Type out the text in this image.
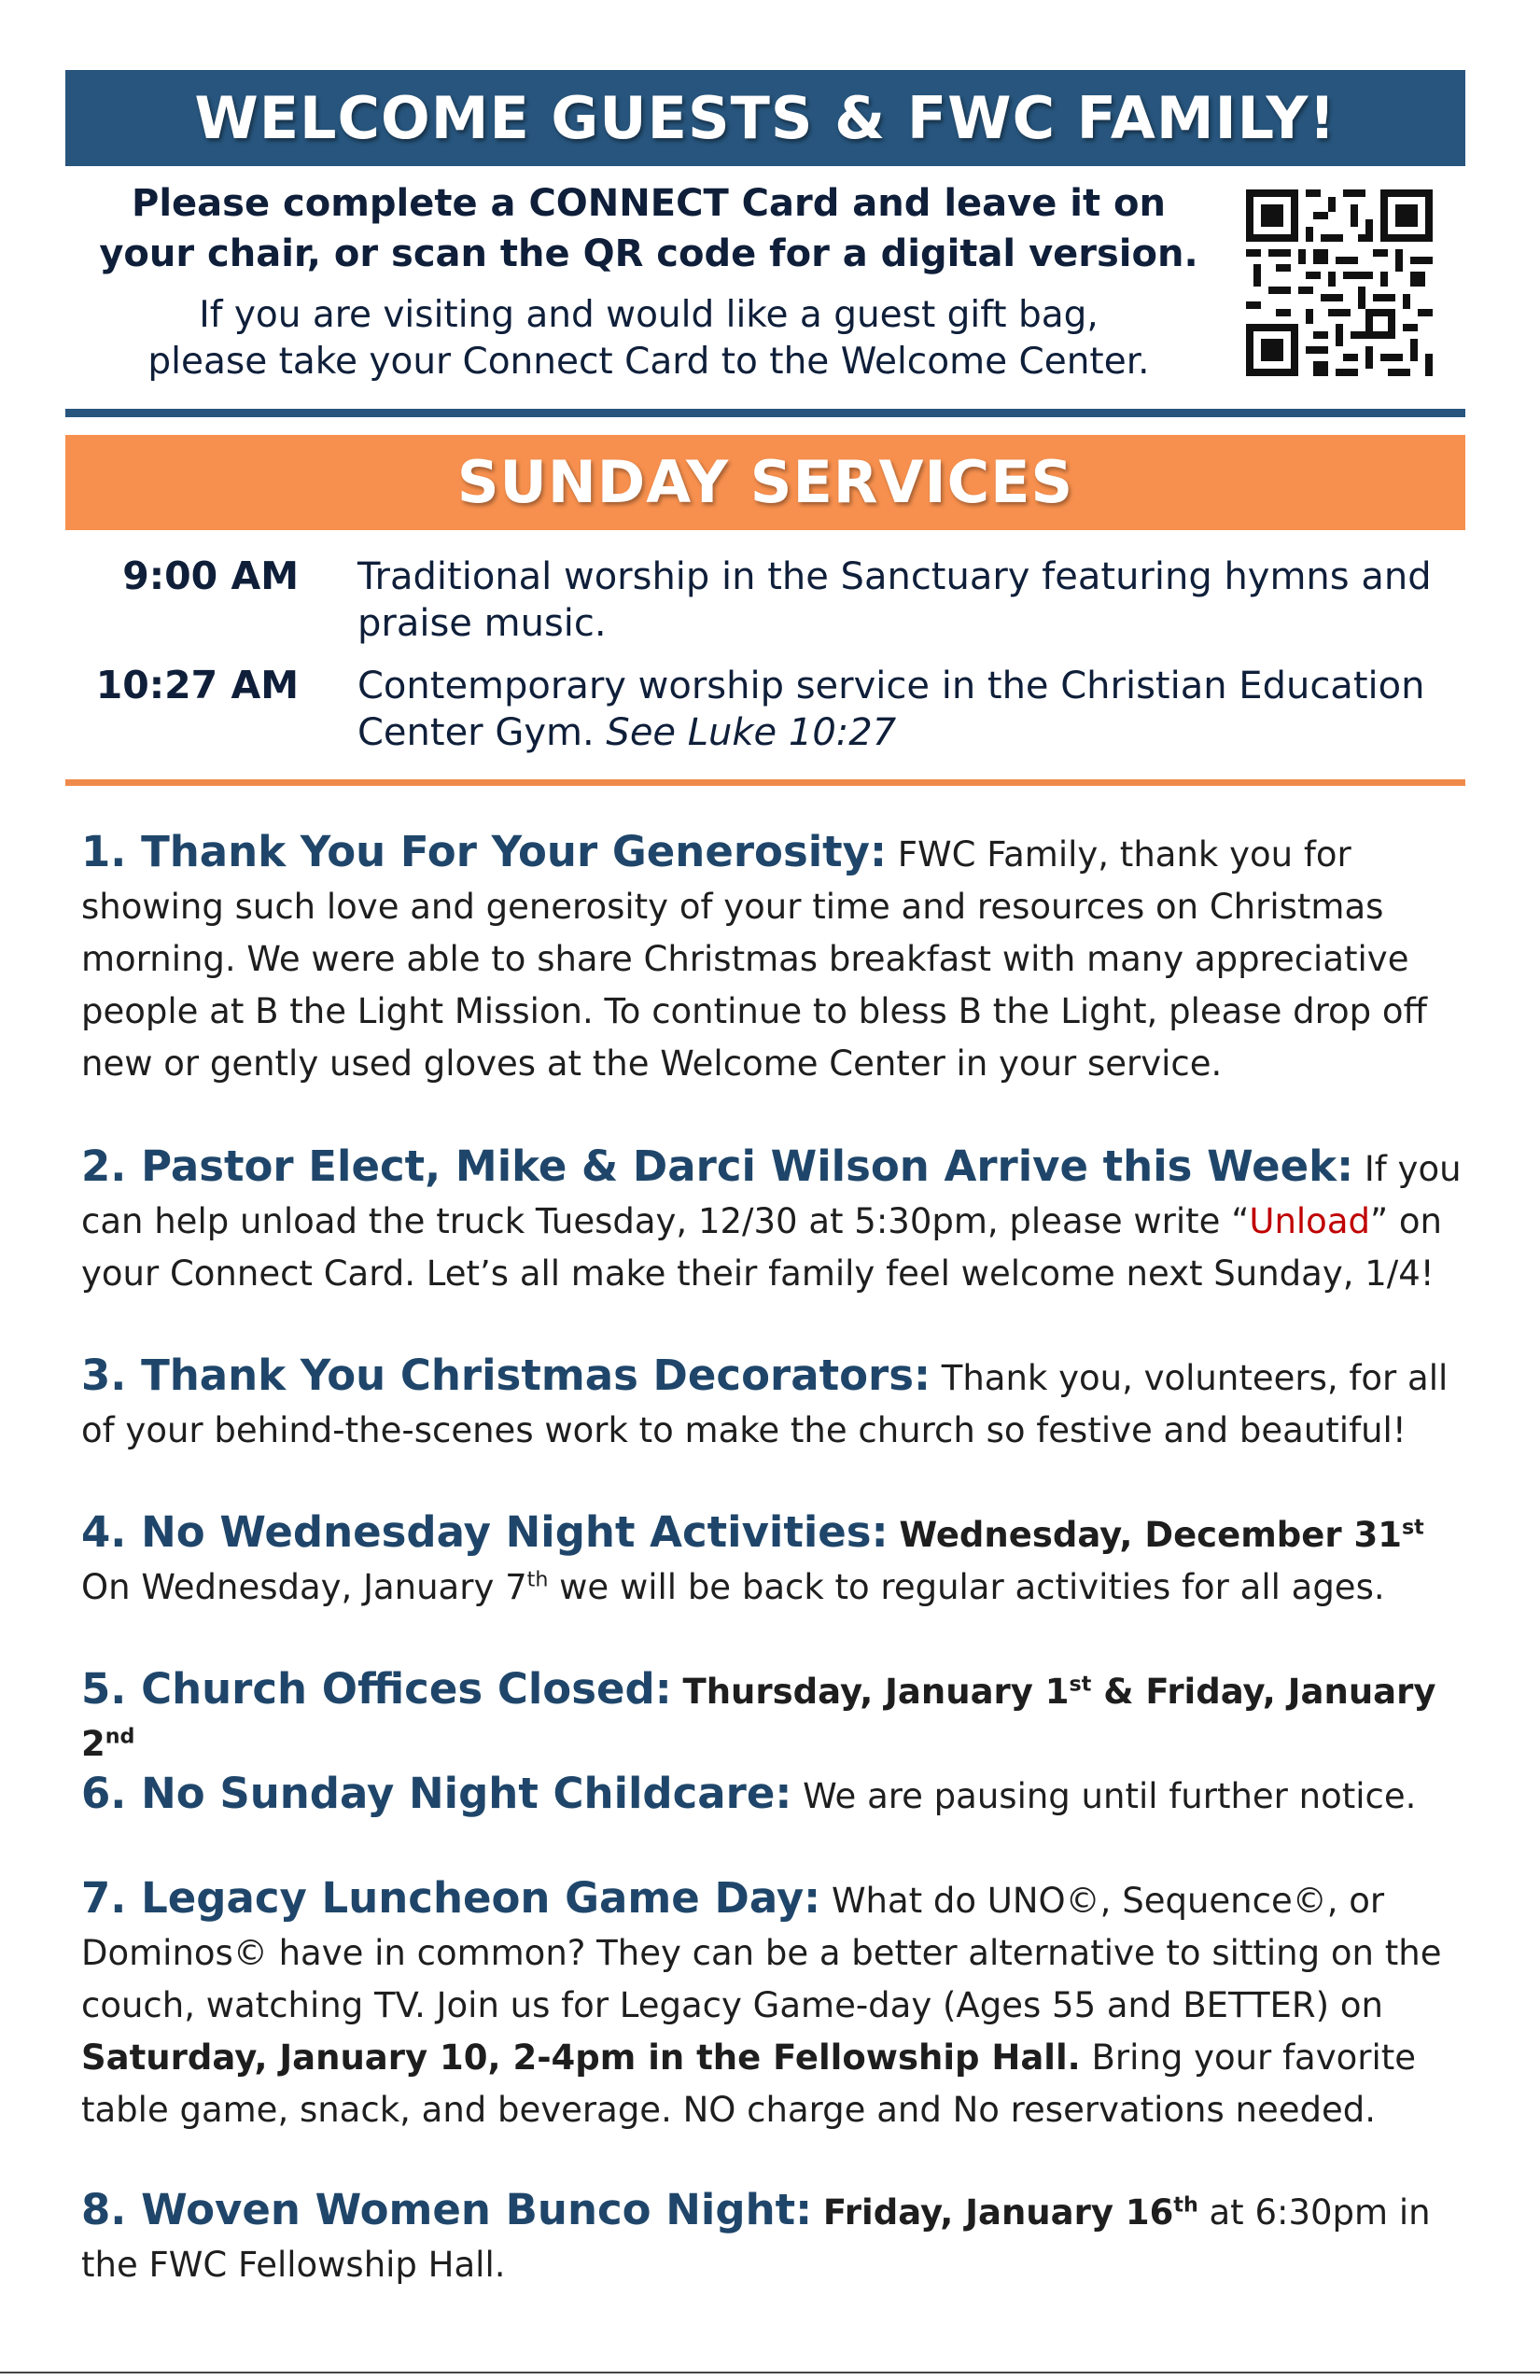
WELCOME GUESTS & FWC FAMILY!
Please complete a CONNECT Card and leave it on
your chair, or scan the QR code for a digital version.
If you are visiting and would like a guest gift bag,
please take your Connect Card to the Welcome Center.
SUNDAY SERVICES
9:00 AM Traditional worship in the Sanctuary featuring hymns and praise music.
10:27 AM Contemporary worship service in the Christian Education Center Gym. See Luke 10:27
1. Thank You For Your Generosity: FWC Family, thank you for showing such love and generosity of your time and resources on Christmas morning. We were able to share Christmas breakfast with many appreciative people at B the Light Mission. To continue to bless B the Light, please drop off new or gently used gloves at the Welcome Center in your service.
2. Pastor Elect, Mike & Darci Wilson Arrive this Week: If you can help unload the truck Tuesday, 12/30 at 5:30pm, please write “Unload” on your Connect Card. Let’s all make their family feel welcome next Sunday, 1/4!
3. Thank You Christmas Decorators: Thank you, volunteers, for all of your behind-the-scenes work to make the church so festive and beautiful!
4. No Wednesday Night Activities: Wednesday, December 31st
On Wednesday, January 7th we will be back to regular activities for all ages.
5. Church Offices Closed: Thursday, January 1st & Friday, January 2nd
6. No Sunday Night Childcare: We are pausing until further notice.
7. Legacy Luncheon Game Day: What do UNO©, Sequence©, or Dominos© have in common? They can be a better alternative to sitting on the couch, watching TV. Join us for Legacy Game-day (Ages 55 and BETTER) on Saturday, January 10, 2-4pm in the Fellowship Hall. Bring your favorite table game, snack, and beverage. NO charge and No reservations needed.
8. Woven Women Bunco Night: Friday, January 16th at 6:30pm in the FWC Fellowship Hall.
